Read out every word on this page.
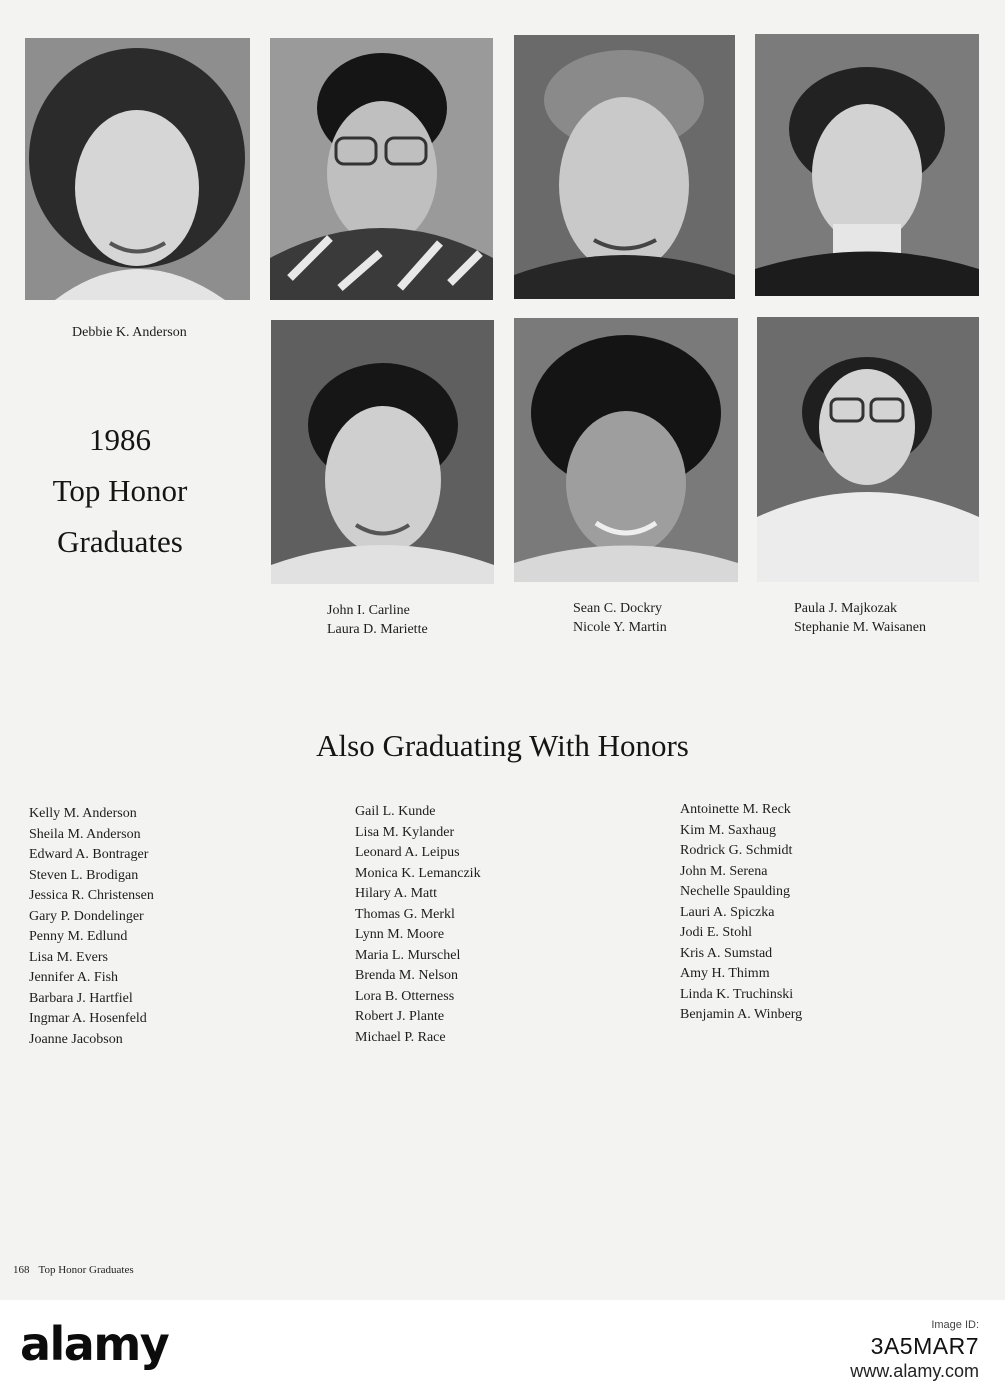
Debbie K. Anderson
1986
Top Honor
Graduates
John I. Carline
Laura D. Mariette
Sean C. Dockry
Nicole Y. Martin
Paula J. Majkozak
Stephanie M. Waisanen
Also Graduating With Honors
Kelly M. Anderson
Sheila M. Anderson
Edward A. Bontrager
Steven L. Brodigan
Jessica R. Christensen
Gary P. Dondelinger
Penny M. Edlund
Lisa M. Evers
Jennifer A. Fish
Barbara J. Hartfiel
Ingmar A. Hosenfeld
Joanne Jacobson
Gail L. Kunde
Lisa M. Kylander
Leonard A. Leipus
Monica K. Lemanczik
Hilary A. Matt
Thomas G. Merkl
Lynn M. Moore
Maria L. Murschel
Brenda M. Nelson
Lora B. Otterness
Robert J. Plante
Michael P. Race
Antoinette M. Reck
Kim M. Saxhaug
Rodrick G. Schmidt
John M. Serena
Nechelle Spaulding
Lauri A. Spiczka
Jodi E. Stohl
Kris A. Sumstad
Amy H. Thimm
Linda K. Truchinski
Benjamin A. Winberg
168 Top Honor Graduates
alamy	Image ID:
3A5MAR7
www.alamy.com
